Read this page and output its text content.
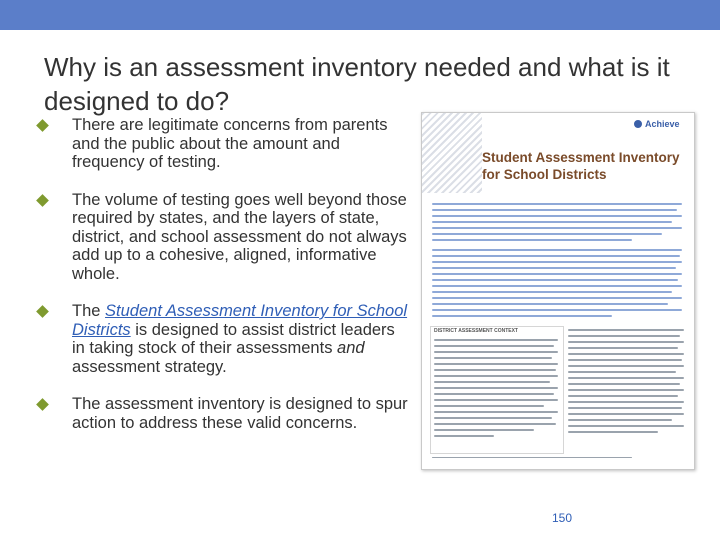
Why is an assessment inventory needed and what is it designed to do?
There are legitimate concerns from parents and the public about the amount and frequency of testing.
The volume of testing goes well beyond those required by states, and the layers of state, district, and school assessment do not always add up to a cohesive, aligned, informative whole.
The Student Assessment Inventory for School Districts is designed to assist district leaders in taking stock of their assessments and assessment strategy.
The assessment inventory is designed to spur action to address these valid concerns.
Achieve
Student Assessment Inventory for School Districts
DISTRICT ASSESSMENT CONTEXT
150
